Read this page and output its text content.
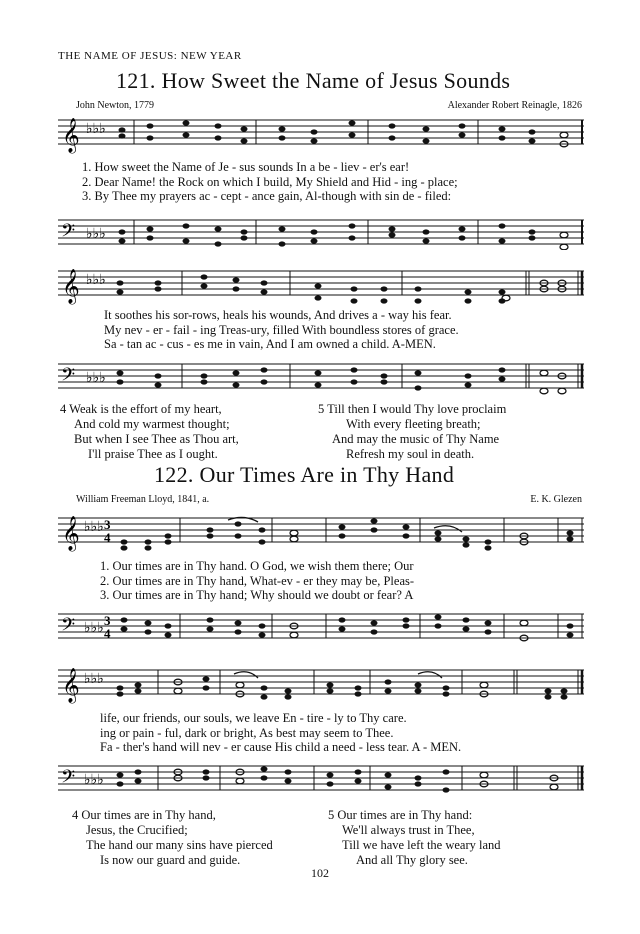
THE NAME OF JESUS: NEW YEAR
121. How Sweet the Name of Jesus Sounds
John Newton, 1779	Alexander Robert Reinagle, 1826
𝄞 ♭♭♭
1. How sweet the Name of Je - sus sounds In a be - liev - er's ear!
2. Dear Name! the Rock on which I build, My Shield and Hid - ing - place;
3. By Thee my prayers ac - cept - ance gain, Al-though with sin de - filed:
𝄢 ♭♭♭
𝄞 ♭♭♭
It soothes his sor-rows, heals his wounds, And drives a - way his fear.
My nev - er - fail - ing Treas-ury, filled With boundless stores of grace.
Sa - tan ac - cus - es me in vain, And I am owned a child. A-MEN.
𝄢 ♭♭♭
4 Weak is the effort of my heart,
And cold my warmest thought;
But when I see Thee as Thou art,
I'll praise Thee as I ought.
5 Till then I would Thy love proclaim
With every fleeting breath;
And may the music of Thy Name
Refresh my soul in death.
122. Our Times Are in Thy Hand
William Freeman Lloyd, 1841, a.	E. K. Glezen
𝄞 ♭♭♭ 3
4
1. Our times are in Thy hand. O God, we wish them there; Our
2. Our times are in Thy hand, What-ev - er they may be, Pleas-
3. Our times are in Thy hand; Why should we doubt or fear? A
𝄢 ♭♭♭
3
4
𝄞 ♭♭♭
life, our friends, our souls, we leave En - tire - ly to Thy care.
ing or pain - ful, dark or bright, As best may seem to Thee.
Fa - ther's hand will nev - er cause His child a need - less tear. A - MEN.
𝄢 ♭♭♭
4 Our times are in Thy hand,
Jesus, the Crucified;
The hand our many sins have pierced
Is now our guard and guide.
5 Our times are in Thy hand:
We'll always trust in Thee,
Till we have left the weary land
And all Thy glory see.
102
